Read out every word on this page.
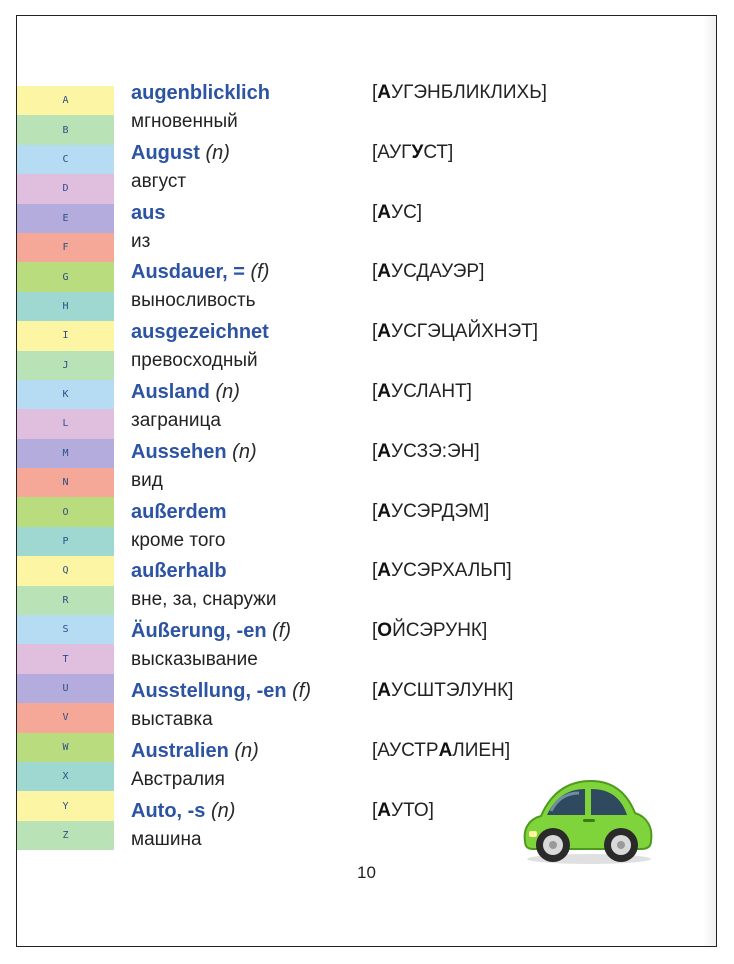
A
B
C
D
E
F
G
H
I
J
K
L
M
N
O
P
Q
R
S
T
U
V
W
X
Y
Z
augenblicklich	[АУГЭНБЛИКЛИХЬ]
мгновенный
August (n)	[АУГУСТ]
август
aus	[АУС]
из
Ausdauer, = (f)	[АУСДАУЭР]
выносливость
ausgezeichnet	[АУСГЭЦАЙХНЭТ]
превосходный
Ausland (n)	[АУСЛАНТ]
заграница
Aussehen (n)	[АУСЗЭ:ЭН]
вид
außerdem	[АУСЭРДЭМ]
кроме того
außerhalb	[АУСЭРХАЛЬП]
вне, за, снаружи
Äußerung, -en (f)	[ОЙСЭРУНК]
высказывание
Ausstellung, -en (f)	[АУСШТЭЛУНК]
выставка
Australien (n)	[АУСТРАЛИЕН]
Австралия
Auto, -s (n)	[АУТО]
машина
10
